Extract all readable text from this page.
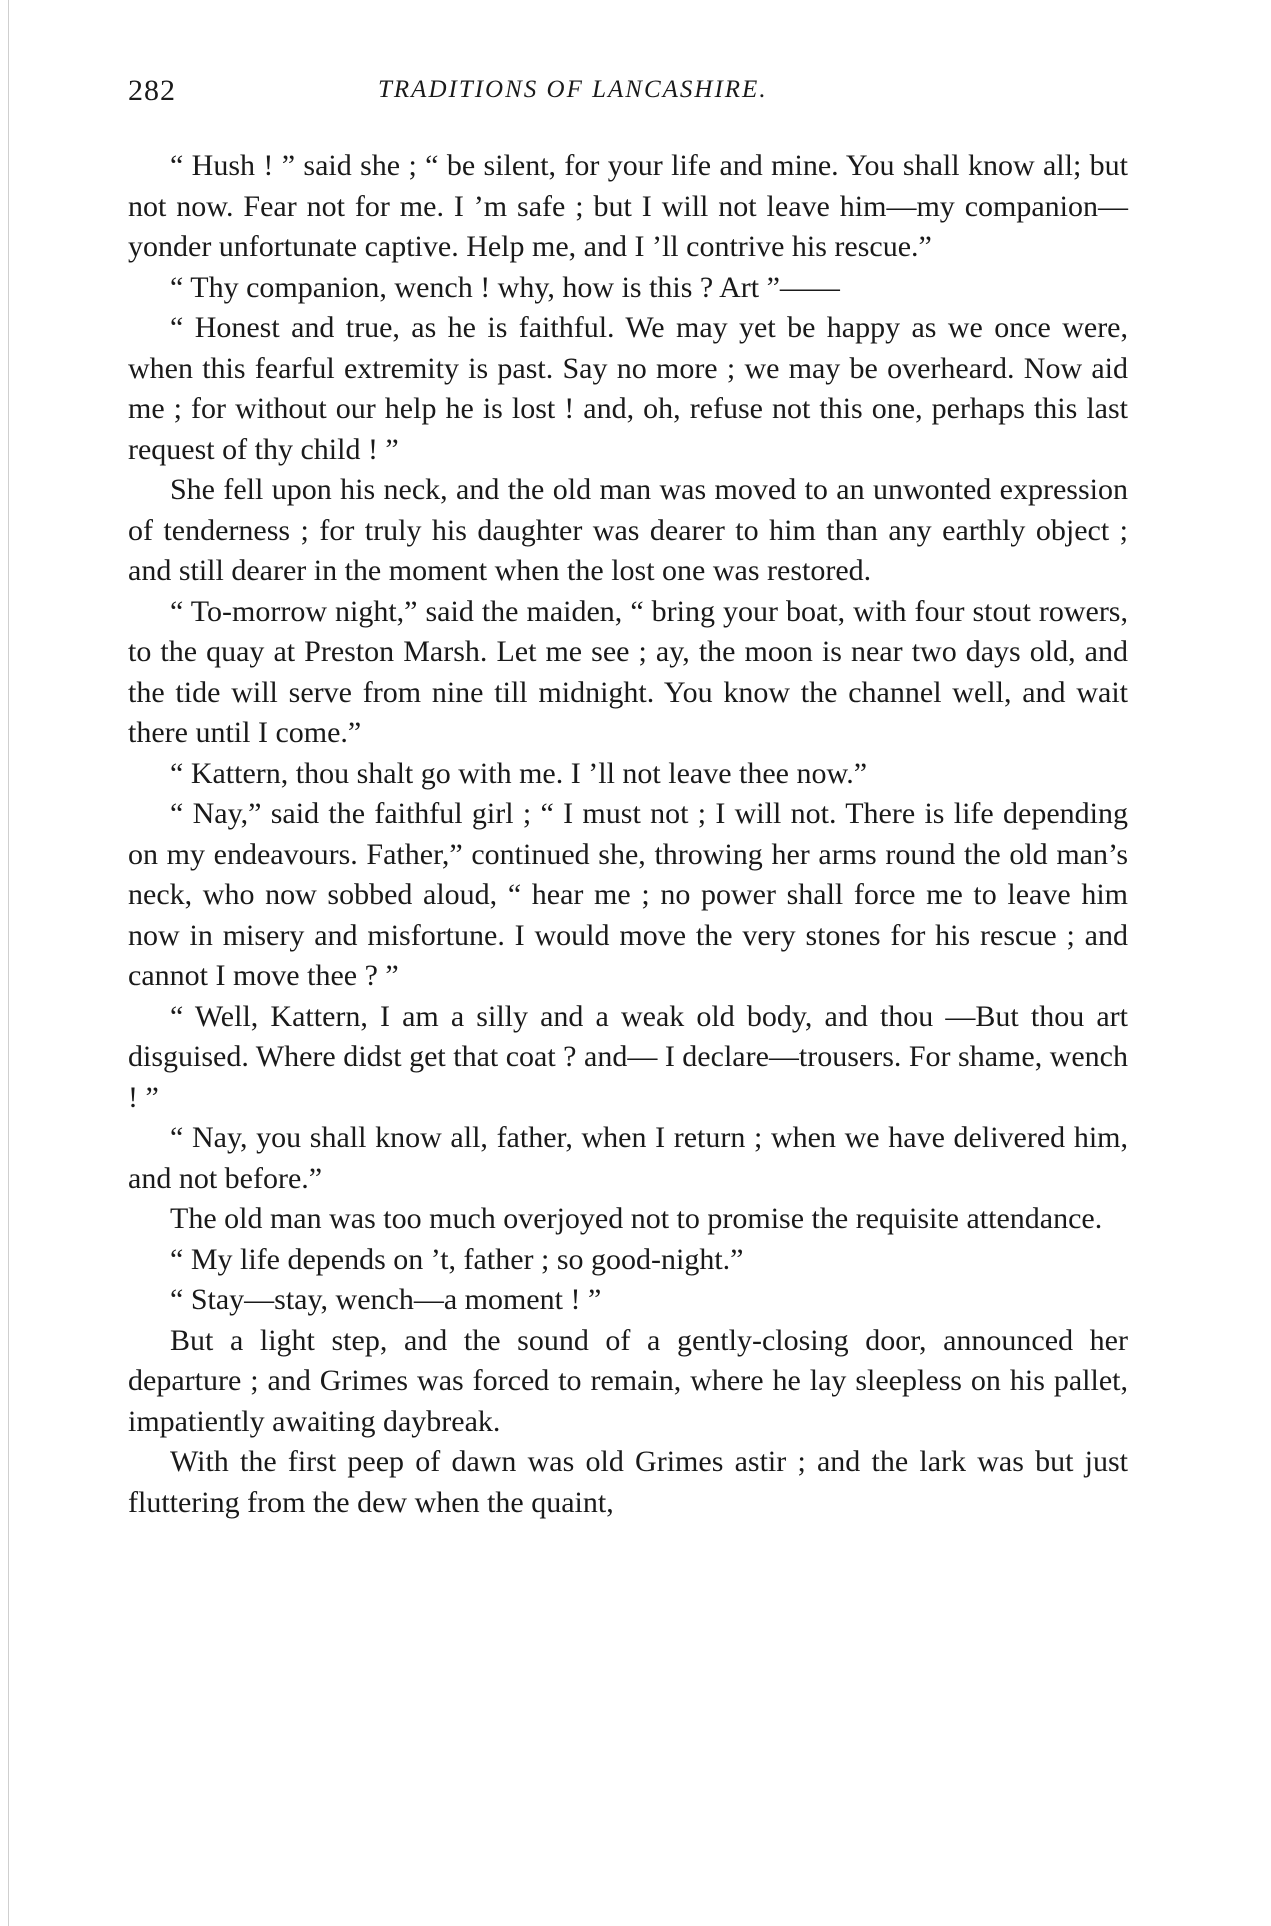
282	TRADITIONS OF LANCASHIRE.

“ Hush ! ” said she ; “ be silent, for your life and mine. You shall know all; but not now. Fear not for me. I ’m safe ; but I will not leave him—my companion—yonder unfortunate captive. Help me, and I ’ll contrive his rescue.”

“ Thy companion, wench ! why, how is this ? Art ”——

“ Honest and true, as he is faithful. We may yet be happy as we once were, when this fearful extremity is past. Say no more ; we may be overheard. Now aid me ; for without our help he is lost ! and, oh, refuse not this one, perhaps this last request of thy child ! ”

She fell upon his neck, and the old man was moved to an unwonted expression of tenderness ; for truly his daughter was dearer to him than any earthly object ; and still dearer in the moment when the lost one was restored.

“ To-morrow night,” said the maiden, “ bring your boat, with four stout rowers, to the quay at Preston Marsh. Let me see ; ay, the moon is near two days old, and the tide will serve from nine till midnight. You know the channel well, and wait there until I come.”

“ Kattern, thou shalt go with me. I ’ll not leave thee now.”

“ Nay,” said the faithful girl ; “ I must not ; I will not. There is life depending on my endeavours. Father,” continued she, throwing her arms round the old man’s neck, who now sobbed aloud, “ hear me ; no power shall force me to leave him now in misery and misfortune. I would move the very stones for his rescue ; and cannot I move thee ? ”

“ Well, Kattern, I am a silly and a weak old body, and thou —But thou art disguised. Where didst get that coat ? and— I declare—trousers. For shame, wench ! ”

“ Nay, you shall know all, father, when I return ; when we have delivered him, and not before.”

The old man was too much overjoyed not to promise the requisite attendance.

“ My life depends on ’t, father ; so good-night.”

“ Stay—stay, wench—a moment ! ”

But a light step, and the sound of a gently-closing door, announced her departure ; and Grimes was forced to remain, where he lay sleepless on his pallet, impatiently awaiting daybreak.

With the first peep of dawn was old Grimes astir ; and the lark was but just fluttering from the dew when the quaint,
